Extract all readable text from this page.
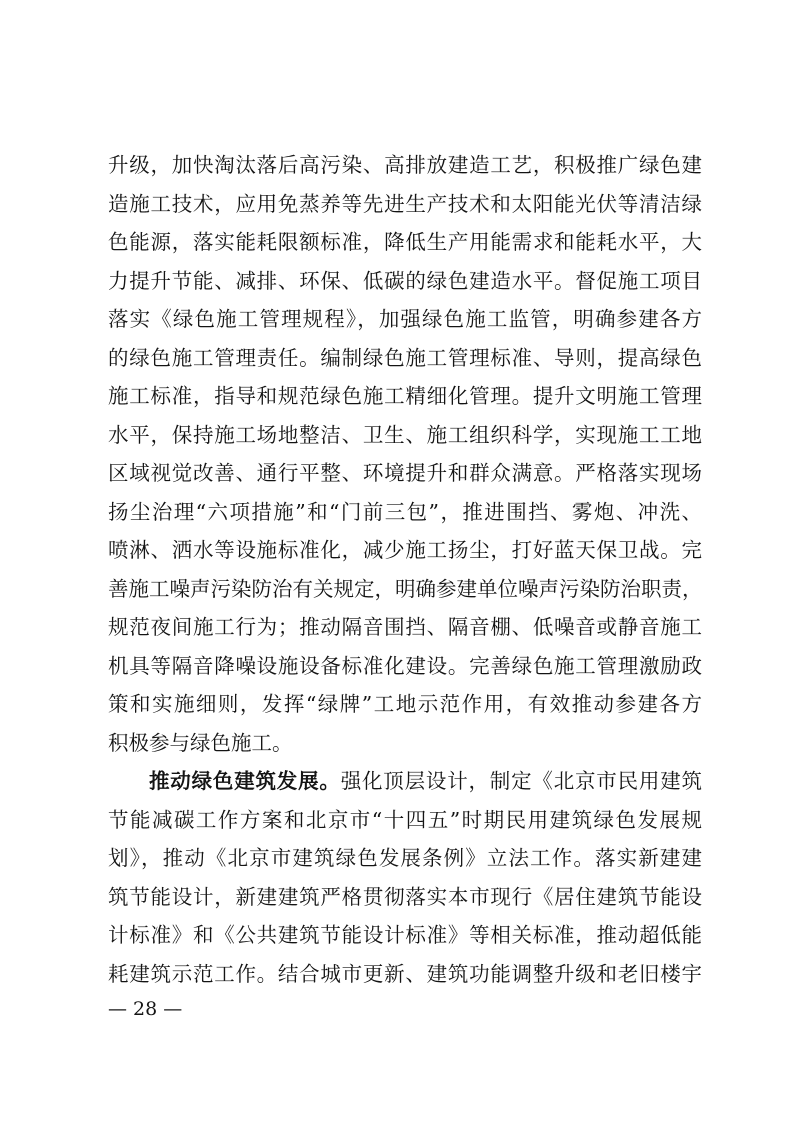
升级，加快淘汰落后高污染、高排放建造工艺，积极推广绿色建
造施工技术，应用免蒸养等先进生产技术和太阳能光伏等清洁绿
色能源，落实能耗限额标准，降低生产用能需求和能耗水平，大
力提升节能、减排、环保、低碳的绿色建造水平。督促施工项目
落实《绿色施工管理规程》，加强绿色施工监管，明确参建各方
的绿色施工管理责任。编制绿色施工管理标准、导则，提高绿色
施工标准，指导和规范绿色施工精细化管理。提升文明施工管理
水平，保持施工场地整洁、卫生、施工组织科学，实现施工工地
区域视觉改善、通行平整、环境提升和群众满意。严格落实现场
扬尘治理“六项措施”和“门前三包”，推进围挡、雾炮、冲洗、
喷淋、洒水等设施标准化，减少施工扬尘，打好蓝天保卫战。完
善施工噪声污染防治有关规定，明确参建单位噪声污染防治职责，
规范夜间施工行为；推动隔音围挡、隔音棚、低噪音或静音施工
机具等隔音降噪设施设备标准化建设。完善绿色施工管理激励政
策和实施细则，发挥“绿牌”工地示范作用，有效推动参建各方
积极参与绿色施工。
推动绿色建筑发展。强化顶层设计，制定《北京市民用建筑
节能减碳工作方案和北京市“十四五”时期民用建筑绿色发展规
划》，推动《北京市建筑绿色发展条例》立法工作。落实新建建
筑节能设计，新建建筑严格贯彻落实本市现行《居住建筑节能设
计标准》和《公共建筑节能设计标准》等相关标准，推动超低能
耗建筑示范工作。结合城市更新、建筑功能调整升级和老旧楼宇
— 28 —
